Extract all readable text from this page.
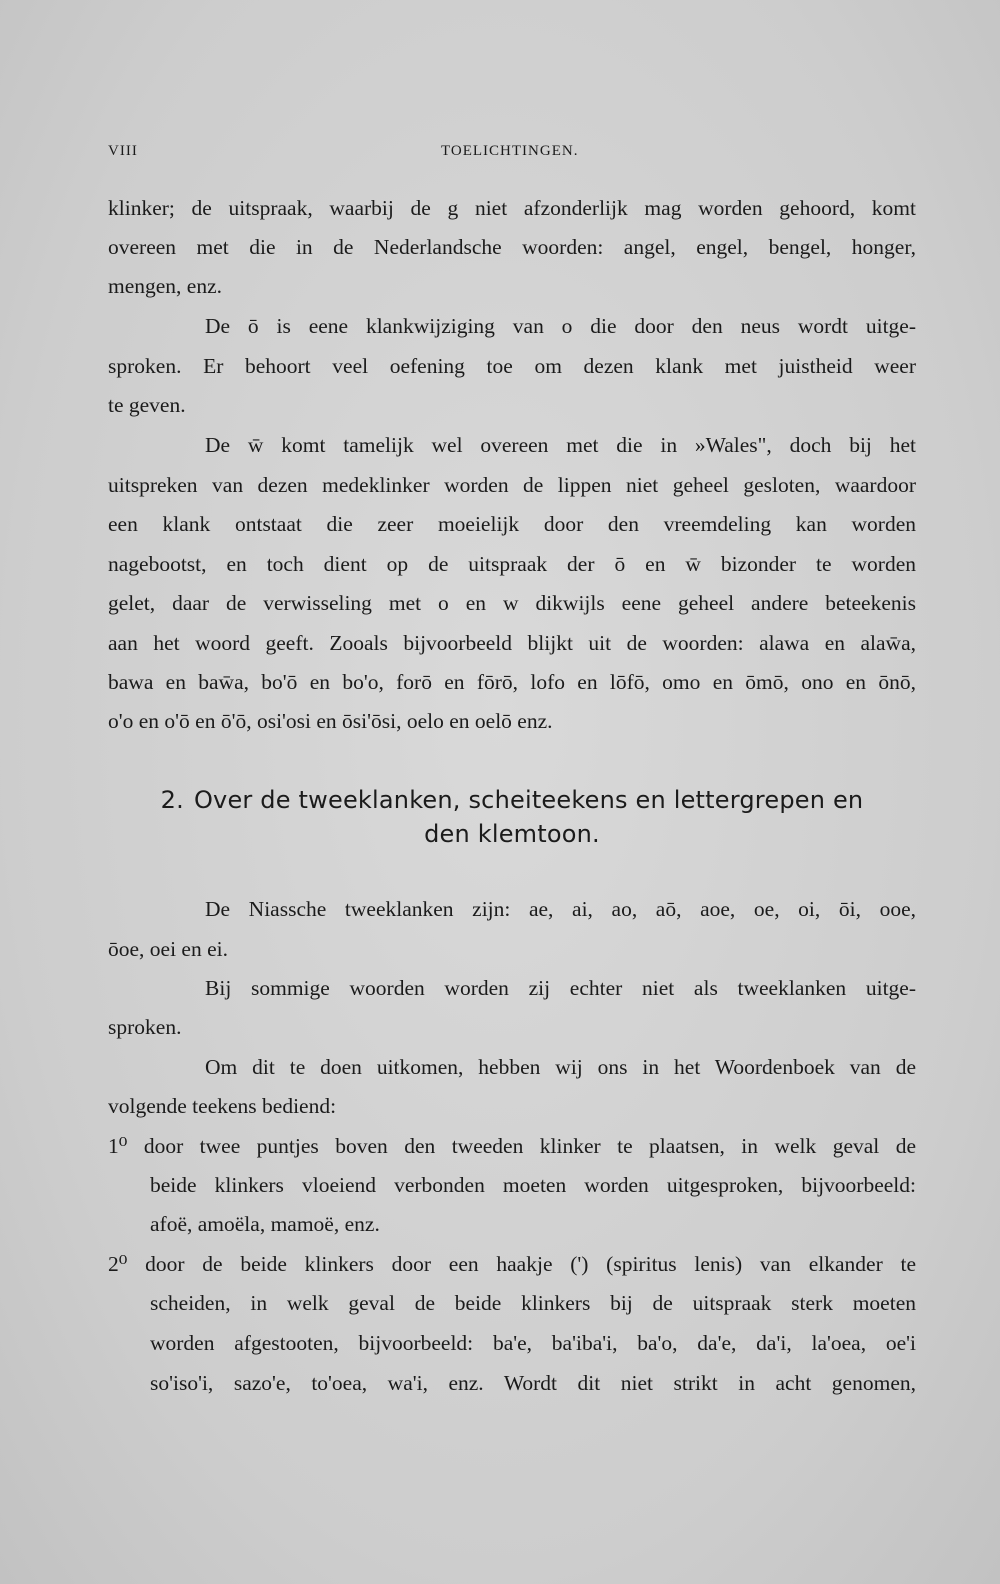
VIII	TOELICHTINGEN.
klinker; de uitspraak, waarbij de g niet afzonderlijk mag worden gehoord, komt
overeen met die in de Nederlandsche woorden: angel, engel, bengel, honger,
mengen, enz.
De ō is eene klankwijziging van o die door den neus wordt uitge-
sproken. Er behoort veel oefening toe om dezen klank met juistheid weer
te geven.
De w̄ komt tamelijk wel overeen met die in »Wales", doch bij het
uitspreken van dezen medeklinker worden de lippen niet geheel gesloten, waardoor
een klank ontstaat die zeer moeielijk door den vreemdeling kan worden
nagebootst, en toch dient op de uitspraak der ō en w̄ bizonder te worden
gelet, daar de verwisseling met o en w dikwijls eene geheel andere beteekenis
aan het woord geeft. Zooals bijvoorbeeld blijkt uit de woorden: alawa en alaw̄a,
bawa en baw̄a, bo'ō en bo'o, forō en fōrō, lofo en lōfō, omo en ōmō, ono en ōnō,
o'o en o'ō en ō'ō, osi'osi en ōsi'ōsi, oelo en oelō enz.
2. Over de tweeklanken, scheiteekens en lettergrepen en
den klemtoon.
De Niassche tweeklanken zijn: ae, ai, ao, aō, aoe, oe, oi, ōi, ooe,
ōoe, oei en ei.
Bij sommige woorden worden zij echter niet als tweeklanken uitge-
sproken.
Om dit te doen uitkomen, hebben wij ons in het Woordenboek van de
volgende teekens bediend:
1⁰ door twee puntjes boven den tweeden klinker te plaatsen, in welk geval de
beide klinkers vloeiend verbonden moeten worden uitgesproken, bijvoorbeeld:
afoë, amoëla, mamoë, enz.
2⁰ door de beide klinkers door een haakje (') (spiritus lenis) van elkander te
scheiden, in welk geval de beide klinkers bij de uitspraak sterk moeten
worden afgestooten, bijvoorbeeld: ba'e, ba'iba'i, ba'o, da'e, da'i, la'oea, oe'i
so'iso'i, sazo'e, to'oea, wa'i, enz. Wordt dit niet strikt in acht genomen,
